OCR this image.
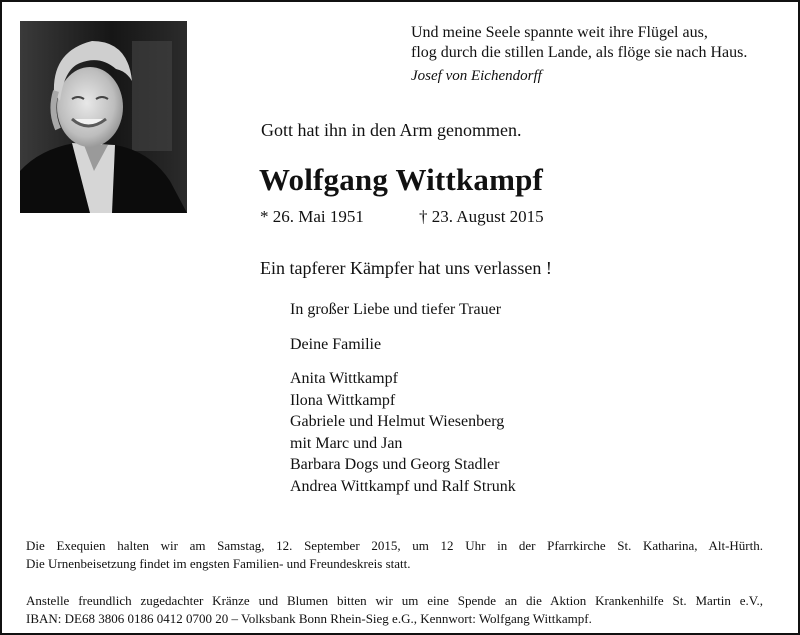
Und meine Seele spannte weit ihre Flügel aus,
flog durch die stillen Lande, als flöge sie nach Haus.
Josef von Eichendorff
Gott hat ihn in den Arm genommen.
Wolfgang Wittkampf
* 26. Mai 1951	† 23. August 2015
Ein tapferer Kämpfer hat uns verlassen !
In großer Liebe und tiefer Trauer
Deine Familie
Anita Wittkampf
Ilona Wittkampf
Gabriele und Helmut Wiesenberg
mit Marc und Jan
Barbara Dogs und Georg Stadler
Andrea Wittkampf und Ralf Strunk
Die Exequien halten wir am Samstag, 12. September 2015, um 12 Uhr in der Pfarrkirche St. Katharina, Alt-Hürth.
Die Urnenbeisetzung findet im engsten Familien- und Freundeskreis statt.
Anstelle freundlich zugedachter Kränze und Blumen bitten wir um eine Spende an die Aktion Krankenhilfe St. Martin e.V.,
IBAN: DE68 3806 0186 0412 0700 20 – Volksbank Bonn Rhein-Sieg e.G., Kennwort: Wolfgang Wittkampf.
